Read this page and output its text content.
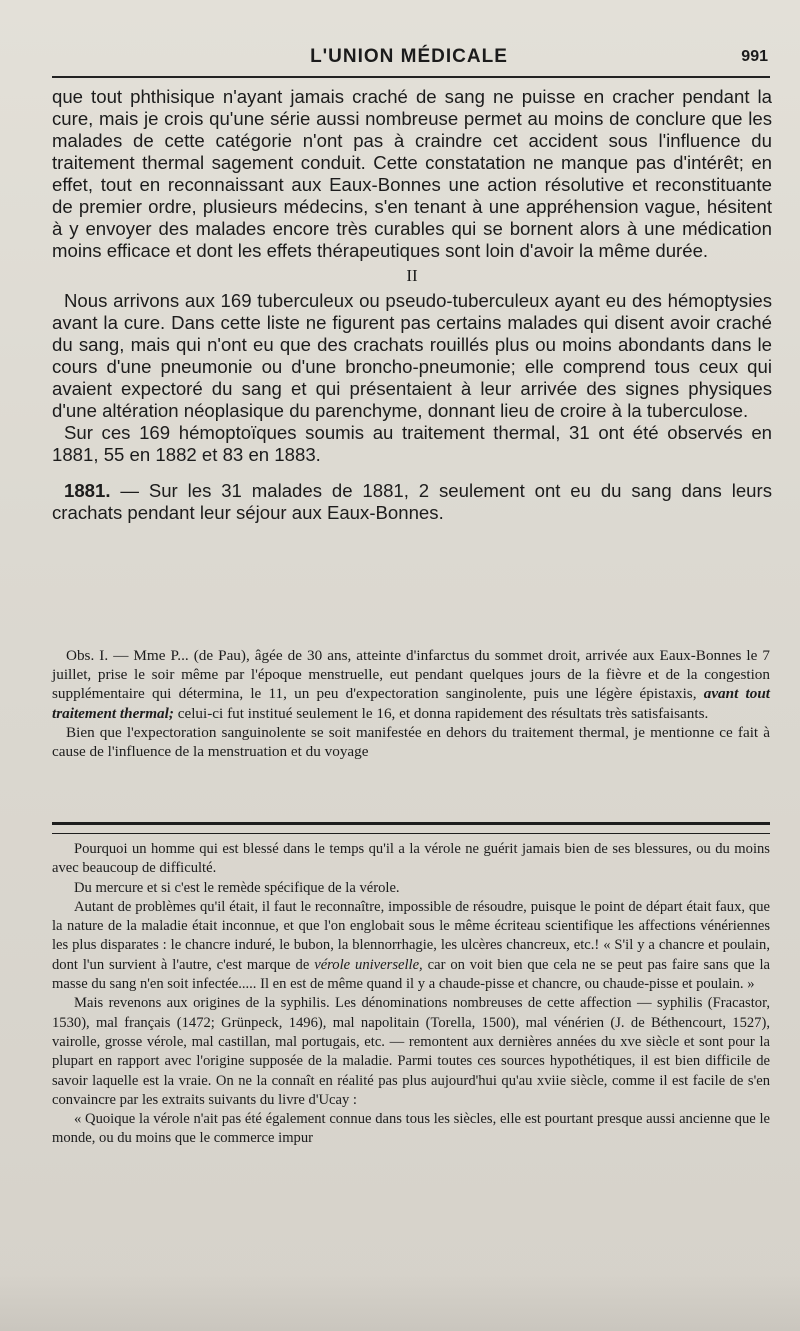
L'UNION MÉDICALE	991

que tout phthisique n'ayant jamais craché de sang ne puisse en cracher pendant la cure, mais je crois qu'une série aussi nombreuse permet au moins de conclure que les malades de cette catégorie n'ont pas à craindre cet accident sous l'influence du traitement thermal sagement conduit. Cette constatation ne manque pas d'intérêt; en effet, tout en reconnaissant aux Eaux-Bonnes une action résolutive et reconstituante de premier ordre, plusieurs médecins, s'en tenant à une appréhension vague, hésitent à y envoyer des malades encore très curables qui se bornent alors à une médication moins efficace et dont les effets thérapeutiques sont loin d'avoir la même durée.

II

Nous arrivons aux 169 tuberculeux ou pseudo-tuberculeux ayant eu des hémoptysies avant la cure. Dans cette liste ne figurent pas certains malades qui disent avoir craché du sang, mais qui n'ont eu que des crachats rouillés plus ou moins abondants dans le cours d'une pneumonie ou d'une broncho-pneumonie; elle comprend tous ceux qui avaient expectoré du sang et qui présentaient à leur arrivée des signes physiques d'une altération néoplasique du parenchyme, donnant lieu de croire à la tuberculose.

Sur ces 169 hémoptoïques soumis au traitement thermal, 31 ont été observés en 1881, 55 en 1882 et 83 en 1883.

1881. — Sur les 31 malades de 1881, 2 seulement ont eu du sang dans leurs crachats pendant leur séjour aux Eaux-Bonnes.

Obs. I. — Mme P... (de Pau), âgée de 30 ans, atteinte d'infarctus du sommet droit, arrivée aux Eaux-Bonnes le 7 juillet, prise le soir même par l'époque menstruelle, eut pendant quelques jours de la fièvre et de la congestion supplémentaire qui détermina, le 11, un peu d'expectoration sanginolente, puis une légère épistaxis, avant tout traitement thermal; celui-ci fut institué seulement le 16, et donna rapidement des résultats très satisfaisants.

Bien que l'expectoration sanguinolente se soit manifestée en dehors du traitement thermal, je mentionne ce fait à cause de l'influence de la menstruation et du voyage

Pourquoi un homme qui est blessé dans le temps qu'il a la vérole ne guérit jamais bien de ses blessures, ou du moins avec beaucoup de difficulté.

Du mercure et si c'est le remède spécifique de la vérole.

Autant de problèmes qu'il était, il faut le reconnaître, impossible de résoudre, puisque le point de départ était faux, que la nature de la maladie était inconnue, et que l'on englobait sous le même écriteau scientifique les affections vénériennes les plus disparates : le chancre induré, le bubon, la blennorrhagie, les ulcères chancreux, etc.! « S'il y a chancre et poulain, dont l'un survient à l'autre, c'est marque de vérole universelle, car on voit bien que cela ne se peut pas faire sans que la masse du sang n'en soit infectée..... Il en est de même quand il y a chaude-pisse et chancre, ou chaude-pisse et poulain. »

Mais revenons aux origines de la syphilis. Les dénominations nombreuses de cette affection — syphilis (Fracastor, 1530), mal français (1472; Grünpeck, 1496), mal napolitain (Torella, 1500), mal vénérien (J. de Béthencourt, 1527), vairolle, grosse vérole, mal castillan, mal portugais, etc. — remontent aux dernières années du xve siècle et sont pour la plupart en rapport avec l'origine supposée de la maladie. Parmi toutes ces sources hypothétiques, il est bien difficile de savoir laquelle est la vraie. On ne la connaît en réalité pas plus aujourd'hui qu'au xviie siècle, comme il est facile de s'en convaincre par les extraits suivants du livre d'Ucay :

« Quoique la vérole n'ait pas été également connue dans tous les siècles, elle est pourtant presque aussi ancienne que le monde, ou du moins que le commerce impur
